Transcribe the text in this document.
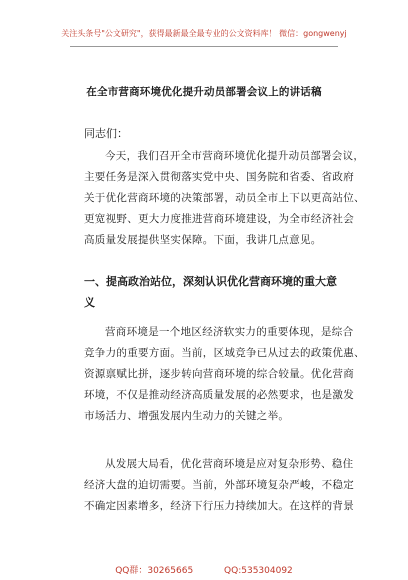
关注头条号"公文研究"，获得最新最全最专业的公文资料库！ 微信：gongwenyj
在全市营商环境优化提升动员部署会议上的讲话稿
同志们：
今天，我们召开全市营商环境优化提升动员部署会议，
主要任务是深入贯彻落实党中央、国务院和省委、省政府
关于优化营商环境的决策部署，动员全市上下以更高站位、
更宽视野、更大力度推进营商环境建设，为全市经济社会
高质量发展提供坚实保障。下面，我讲几点意见。
一、提高政治站位，深刻认识优化营商环境的重大意
义
营商环境是一个地区经济软实力的重要体现，是综合
竞争力的重要方面。当前，区域竞争已从过去的政策优惠、
资源禀赋比拼，逐步转向营商环境的综合较量。优化营商
环境，不仅是推动经济高质量发展的必然要求，也是激发
市场活力、增强发展内生动力的关键之举。
从发展大局看，优化营商环境是应对复杂形势、稳住
经济大盘的迫切需要。当前，外部环境复杂严峻，不稳定
不确定因素增多，经济下行压力持续加大。在这样的背景
QQ群：30265665	QQ:535304092
